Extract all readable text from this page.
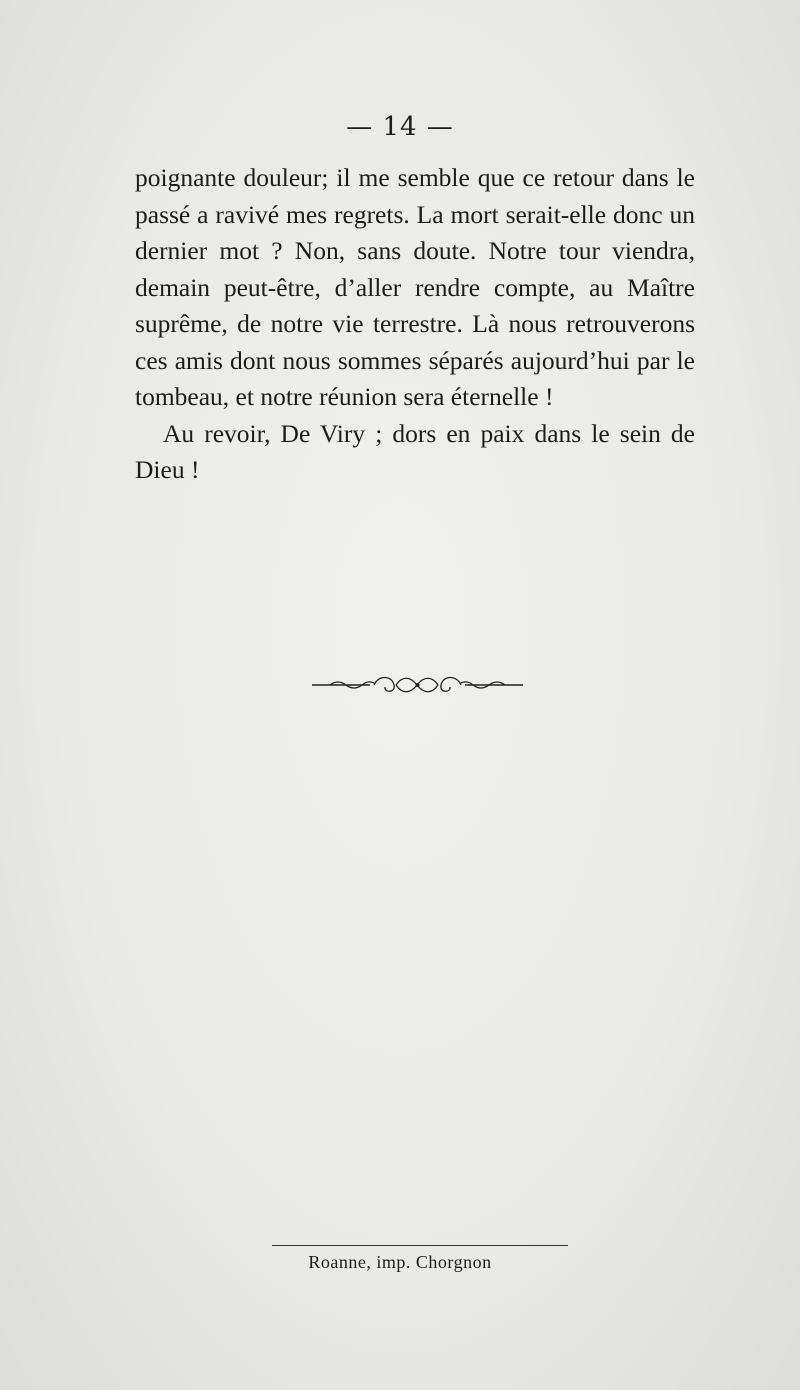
— 14 —

poignante douleur; il me semble que ce retour dans le passé a ravivé mes regrets. La mort serait-elle donc un dernier mot ? Non, sans doute. Notre tour viendra, demain peut-être, d’aller rendre compte, au Maître suprême, de notre vie terrestre. Là nous retrouverons ces amis dont nous sommes séparés aujourd’hui par le tombeau, et notre réunion sera éternelle !

Au revoir, De Viry ; dors en paix dans le sein de Dieu !

Roanne, imp. Chorgnon
